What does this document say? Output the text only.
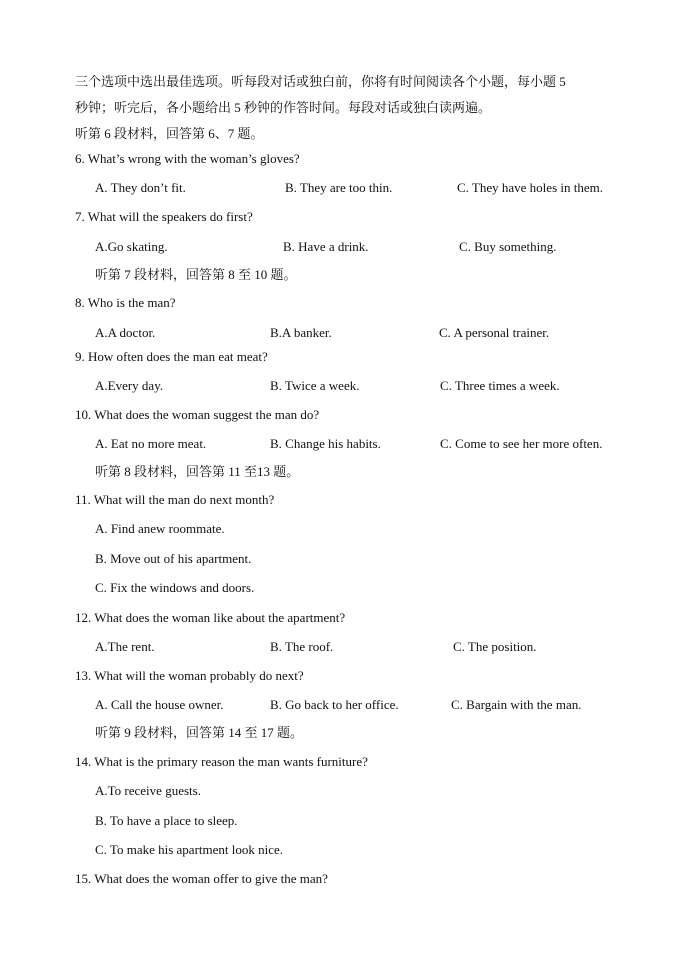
三个选项中选出最佳选项。听每段对话或独白前，你将有时间阅读各个小题，每小题 5
秒钟；听完后，各小题给出 5 秒钟的作答时间。每段对话或独白读两遍。
听第 6 段材料，回答第 6、7 题。
6. What’s wrong with the woman’s gloves?
A. They don’t fit.	B. They are too thin.	C. They have holes in them.
7. What will the speakers do first?
A.Go skating.	B. Have a drink.	C. Buy something.
听第 7 段材料，回答第 8 至 10 题。
8. Who is the man?
A.A doctor.	B.A banker.	C. A personal trainer.
9. How often does the man eat meat?
A.Every day.	B. Twice a week.	C. Three times a week.
10. What does the woman suggest the man do?
A. Eat no more meat.	B. Change his habits.	C. Come to see her more often.
听第 8 段材料，回答第 11 至13 题。
11. What will the man do next month?
A. Find anew roommate.
B. Move out of his apartment.
C. Fix the windows and doors.
12. What does the woman like about the apartment?
A.The rent.	B. The roof.	C. The position.
13. What will the woman probably do next?
A. Call the house owner.	B. Go back to her office.	C. Bargain with the man.
听第 9 段材料，回答第 14 至 17 题。
14. What is the primary reason the man wants furniture?
A.To receive guests.
B. To have a place to sleep.
C. To make his apartment look nice.
15. What does the woman offer to give the man?
